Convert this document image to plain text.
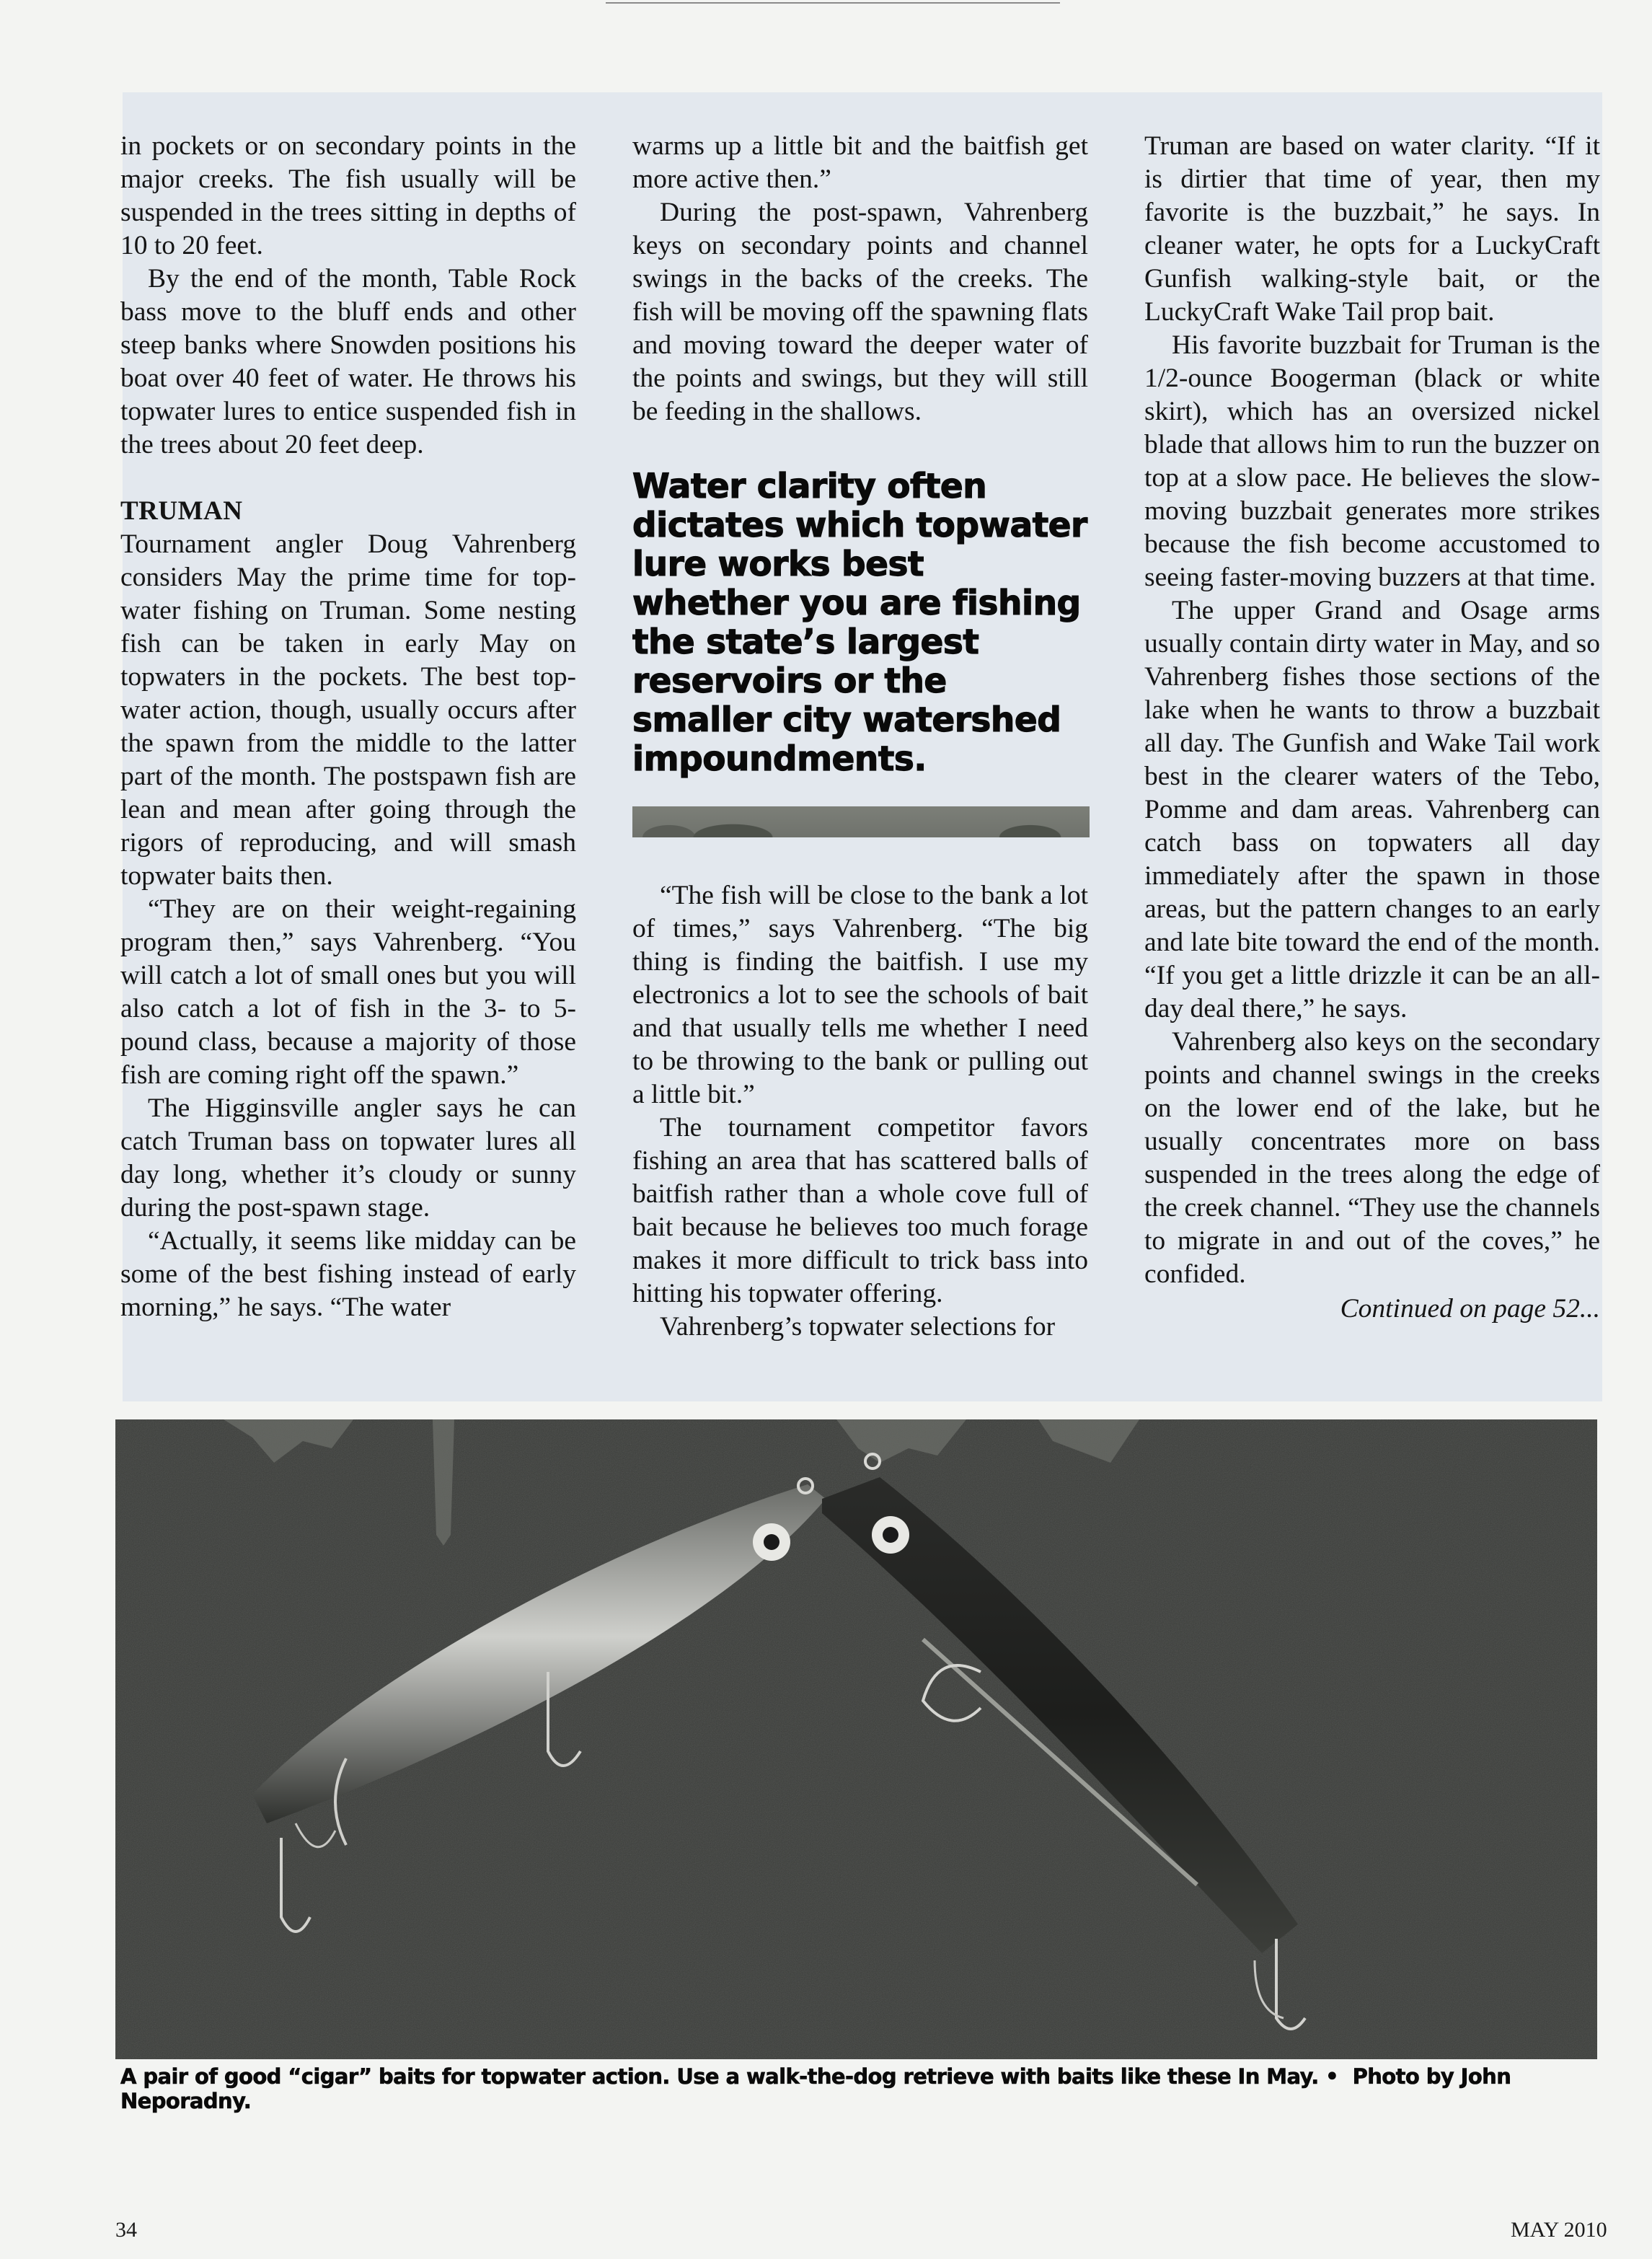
in pockets or on secondary points in the major creeks. The fish usually will be suspended in the trees sitting in depths of 10 to 20 feet.

By the end of the month, Table Rock bass move to the bluff ends and other steep banks where Snowden positions his boat over 40 feet of water. He throws his topwater lures to entice suspended fish in the trees about 20 feet deep.

TRUMAN

Tournament angler Doug Vahrenberg considers May the prime time for topwater fishing on Truman. Some nesting fish can be taken in early May on topwaters in the pockets. The best topwater action, though, usually occurs after the spawn from the middle to the latter part of the month. The postspawn fish are lean and mean after going through the rigors of reproducing, and will smash topwater baits then.

“They are on their weight-regaining program then,” says Vahrenberg. “You will catch a lot of small ones but you will also catch a lot of fish in the 3- to 5-pound class, because a majority of those fish are coming right off the spawn.”

The Higginsville angler says he can catch Truman bass on topwater lures all day long, whether it’s cloudy or sunny during the post-spawn stage.

“Actually, it seems like midday can be some of the best fishing instead of early morning,” he says. “The water

warms up a little bit and the baitfish get more active then.”

During the post-spawn, Vahrenberg keys on secondary points and channel swings in the backs of the creeks. The fish will be moving off the spawning flats and moving toward the deeper water of the points and swings, but they will still be feeding in the shallows.

Water clarity often dictates which topwater lure works best whether you are fishing the state’s largest reservoirs or the smaller city watershed impoundments.

“The fish will be close to the bank a lot of times,” says Vahrenberg. “The big thing is finding the baitfish. I use my electronics a lot to see the schools of bait and that usually tells me whether I need to be throwing to the bank or pulling out a little bit.”

The tournament competitor favors fishing an area that has scattered balls of baitfish rather than a whole cove full of bait because he believes too much forage makes it more difficult to trick bass into hitting his topwater offering.

Vahrenberg’s topwater selections for

Truman are based on water clarity. “If it is dirtier that time of year, then my favorite is the buzzbait,” he says. In cleaner water, he opts for a LuckyCraft Gunfish walking-style bait, or the LuckyCraft Wake Tail prop bait.

His favorite buzzbait for Truman is the 1/2-ounce Boogerman (black or white skirt), which has an oversized nickel blade that allows him to run the buzzer on top at a slow pace. He believes the slow-moving buzzbait generates more strikes because the fish become accustomed to seeing faster-moving buzzers at that time.

The upper Grand and Osage arms usually contain dirty water in May, and so Vahrenberg fishes those sections of the lake when he wants to throw a buzzbait all day. The Gunfish and Wake Tail work best in the clearer waters of the Tebo, Pomme and dam areas. Vahrenberg can catch bass on topwaters all day immediately after the spawn in those areas, but the pattern changes to an early and late bite toward the end of the month. “If you get a little drizzle it can be an all-day deal there,” he says.

Vahrenberg also keys on the secondary points and channel swings in the creeks on the lower end of the lake, but he usually concentrates more on bass suspended in the trees along the edge of the creek channel. “They use the channels to migrate in and out of the coves,” he confided.

Continued on page 52...

A pair of good “cigar” baits for topwater action. Use a walk-the-dog retrieve with baits like these In May. • Photo by John Neporadny.
34	MAY 2010
